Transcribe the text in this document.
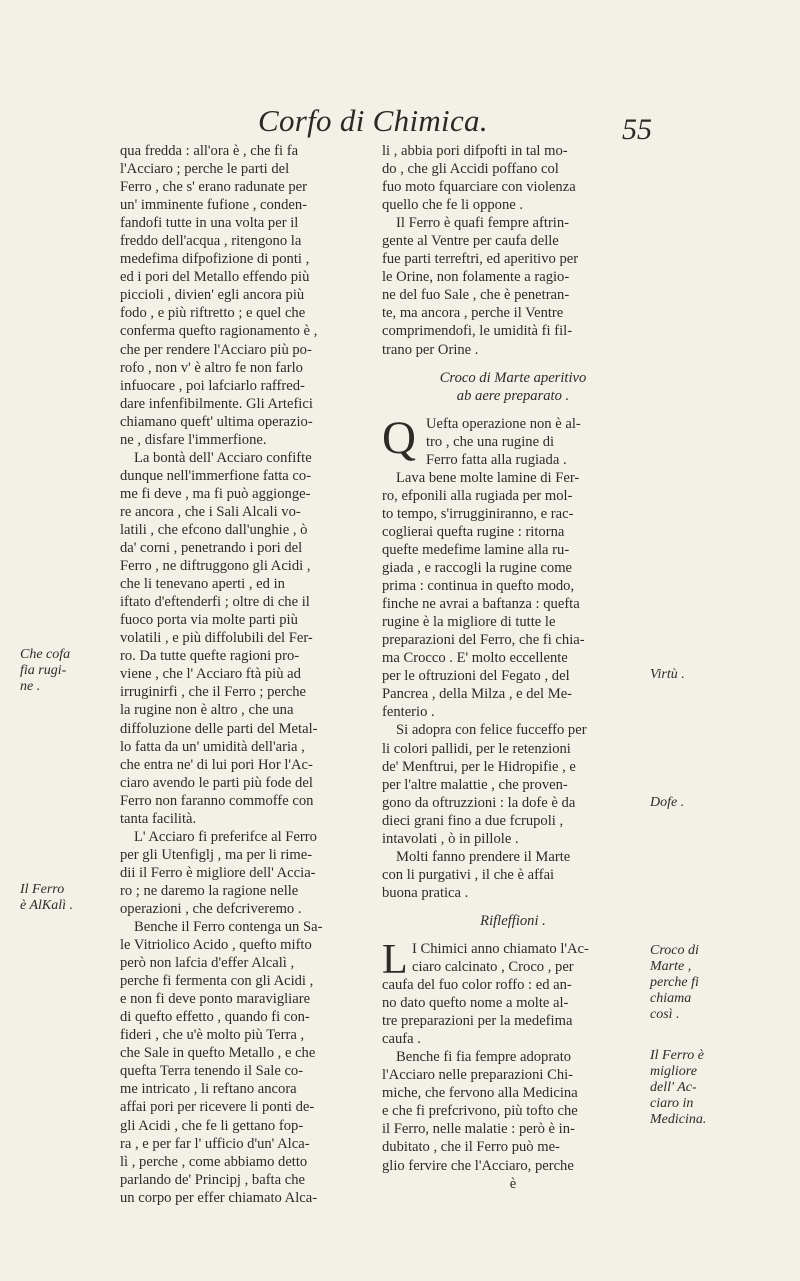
Corfo di Chimica.	55
qua fredda : all'ora è , che fi fa
l'Acciaro ; perche le parti del
Ferro , che s' erano radunate per
un' imminente fufione , conden-
fandofi tutte in una volta per il
freddo dell'acqua , ritengono la
medefima difpofizione di ponti ,
ed i pori del Metallo effendo più
piccioli , divien' egli ancora più
fodo , e più riftretto ; e quel che
conferma quefto ragionamento è ,
che per rendere l'Acciaro più po-
rofo , non v' è altro fe non farlo
infuocare , poi lafciarlo raffred-
dare infenfibilmente. Gli Artefici
chiamano queft' ultima operazio-
ne , disfare l'immerfione.
La bontà dell' Acciaro confifte
dunque nell'immerfione fatta co-
me fi deve , ma fi può aggionge-
re ancora , che i Sali Alcali vo-
latili , che efcono dall'unghie , ò
da' corni , penetrando i pori del
Ferro , ne diftruggono gli Acidi ,
che li tenevano aperti , ed in
iftato d'eftenderfi ; oltre di che il
fuoco porta via molte parti più
volatili , e più diffolubili del Fer-
ro. Da tutte quefte ragioni pro-
viene , che l' Acciaro ftà più ad
irruginirfi , che il Ferro ; perche
la rugine non è altro , che una
diffoluzione delle parti del Metal-
lo fatta da un' umidità dell'aria ,
che entra ne' di lui pori Hor l'Ac-
ciaro avendo le parti più fode del
Ferro non faranno commoffe con
tanta facilità.
L' Acciaro fi preferifce al Ferro
per gli Utenfiglj , ma per li rime-
dii il Ferro è migliore dell' Accia-
ro ; ne daremo la ragione nelle
operazioni , che defcriveremo .
Benche il Ferro contenga un Sa-
le Vitriolico Acido , quefto mifto
però non lafcia d'effer Alcalì ,
perche fi fermenta con gli Acidi ,
e non fi deve ponto maravigliare
di quefto effetto , quando fi con-
fideri , che u'è molto più Terra ,
che Sale in quefto Metallo , e che
quefta Terra tenendo il Sale co-
me intricato , li reftano ancora
affai pori per ricevere li ponti de-
gli Acidi , che fe li gettano fop-
ra , e per far l' ufficio d'un' Alca-
lì , perche , come abbiamo detto
parlando de' Principj , bafta che
un corpo per effer chiamato Alca-
li , abbia pori difpofti in tal mo-
do , che gli Accidi poffano col
fuo moto fquarciare con violenza
quello che fe li oppone .
Il Ferro è quafi fempre aftrin-
gente al Ventre per caufa delle
fue parti terreftri, ed aperitivo per
le Orine, non folamente a ragio-
ne del fuo Sale , che è penetran-
te, ma ancora , perche il Ventre
comprimendofi, le umidità fi fil-
trano per Orine .
Croco di Marte aperitivo
ab aere preparato .
Q Uefta operazione non è al-
tro , che una rugine di
Ferro fatta alla rugiada .
Lava bene molte lamine di Fer-
ro, efponili alla rugiada per mol-
to tempo, s'irrugginiranno, e rac-
coglierai quefta rugine : ritorna
quefte medefime lamine alla ru-
giada , e raccogli la rugine come
prima : continua in quefto modo,
finche ne avrai a baftanza : quefta
rugine è la migliore di tutte le
preparazioni del Ferro, che fi chia-
ma Crocco . E' molto eccellente
per le oftruzioni del Fegato , del
Pancrea , della Milza , e del Me-
fenterio .
Si adopra con felice fucceffo per
li colori pallidi, per le retenzioni
de' Menftrui, per le Hidropifie , e
per l'altre malattie , che proven-
gono da oftruzzioni : la dofe è da
dieci grani fino a due fcrupoli ,
intavolati , ò in pillole .
Molti fanno prendere il Marte
con li purgativi , il che è affai
buona pratica .
Rifleffioni .
L I Chimici anno chiamato l'Ac-
ciaro calcinato , Croco , per
caufa del fuo color roffo : ed an-
no dato quefto nome a molte al-
tre preparazioni per la medefima
caufa .
Benche fi fia fempre adoprato
l'Acciaro nelle preparazioni Chi-
miche, che fervono alla Medicina
e che fi prefcrivono, più tofto che
il Ferro, nelle malatie : però è in-
dubitato , che il Ferro può me-
glio fervire che l'Acciaro, perche
è
Che cofa
fia rugi-
ne .
Il Ferro
è AlKalì .
Virtù .
Dofe .
Croco di
Marte ,
perche fi
chiama
così .
Il Ferro è
migliore
dell' Ac-
ciaro in
Medicina.
